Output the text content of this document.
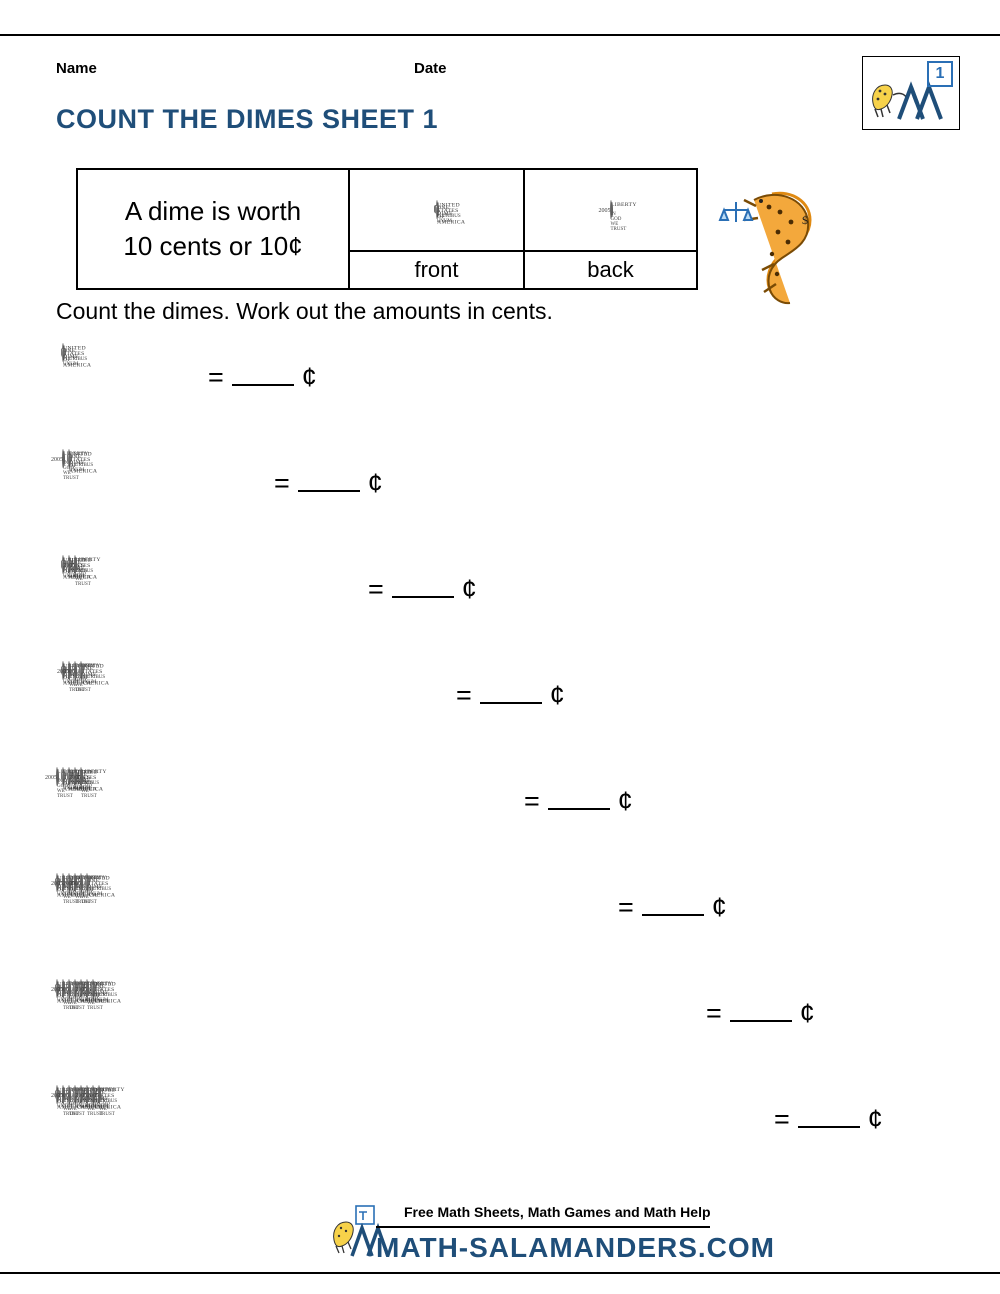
Name	Date	1
COUNT THE DIMES SHEET 1
A dime is worth
10 cents or 10¢
front	back
$
Count the dimes. Work out the amounts in cents.
=	¢
=	¢
=	¢
=	¢
=	¢
=	¢
=	¢
=	¢
Free Math Sheets, Math Games and Math Help
MATH-SALAMANDERS.COM
